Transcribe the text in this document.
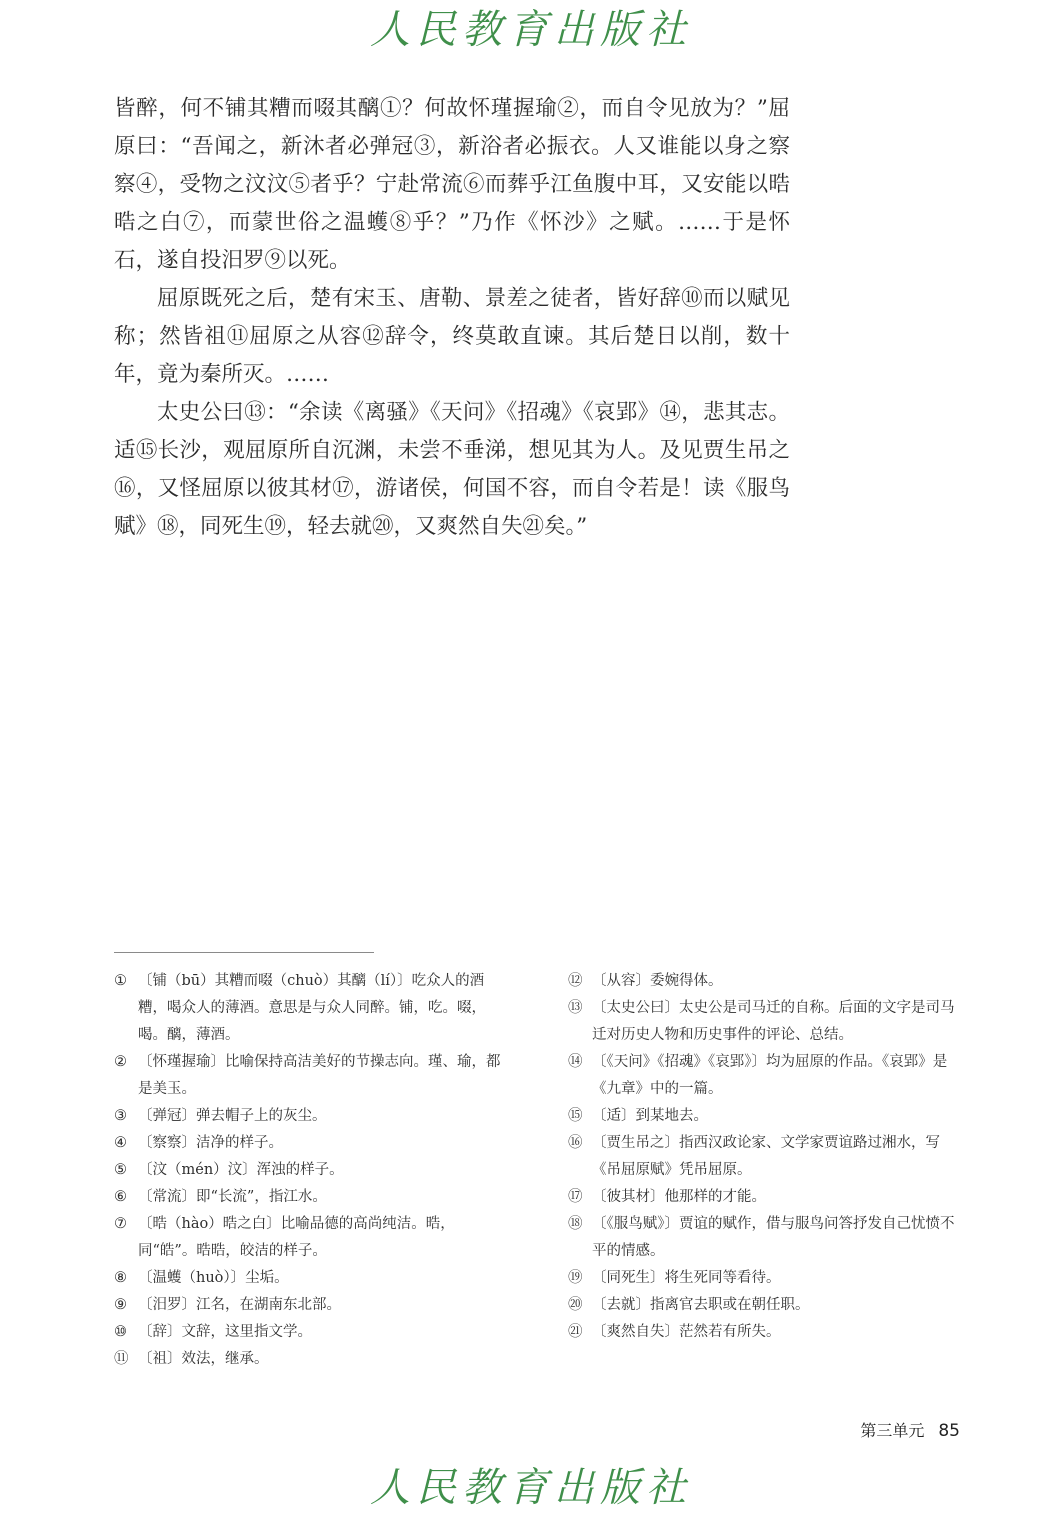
人民教育出版社

皆醉，何不铺其糟而啜其醨①？何故怀瑾握瑜②，而自令见放为？”屈原曰：“吾闻之，新沐者必弹冠③，新浴者必振衣。人又谁能以身之察察④，受物之汶汶⑤者乎？宁赴常流⑥而葬乎江鱼腹中耳，又安能以晧晧之白⑦，而蒙世俗之温蠖⑧乎？”乃作《怀沙》之赋。……于是怀石，遂自投汨罗⑨以死。

屈原既死之后，楚有宋玉、唐勒、景差之徒者，皆好辞⑩而以赋见称；然皆祖⑪屈原之从容⑫辞令，终莫敢直谏。其后楚日以削，数十年，竟为秦所灭。……

太史公曰⑬：“余读《离骚》《天问》《招魂》《哀郢》⑭，悲其志。适⑮长沙，观屈原所自沉渊，未尝不垂涕，想见其为人。及见贾生吊之⑯，又怪屈原以彼其材⑰，游诸侯，何国不容，而自令若是！读《服鸟赋》⑱，同死生⑲，轻去就⑳，又爽然自失㉑矣。”

① 〔铺（bū）其糟而啜（chuò）其醨（lí）〕吃众人的酒糟，喝众人的薄酒。意思是与众人同醉。铺，吃。啜，喝。醨，薄酒。
② 〔怀瑾握瑜〕比喻保持高洁美好的节操志向。瑾、瑜，都是美玉。
③ 〔弹冠〕弹去帽子上的灰尘。
④ 〔察察〕洁净的样子。
⑤ 〔汶（mén）汶〕浑浊的样子。
⑥ 〔常流〕即“长流”，指江水。
⑦ 〔晧（hào）晧之白〕比喻品德的高尚纯洁。晧，同“皓”。晧晧，皎洁的样子。
⑧ 〔温蠖（huò）〕尘垢。
⑨ 〔汨罗〕江名，在湖南东北部。
⑩ 〔辞〕文辞，这里指文学。
⑪ 〔祖〕效法，继承。
⑫ 〔从容〕委婉得体。
⑬ 〔太史公曰〕太史公是司马迁的自称。后面的文字是司马迁对历史人物和历史事件的评论、总结。
⑭ 〔《天问》《招魂》《哀郢》〕均为屈原的作品。《哀郢》是《九章》中的一篇。
⑮ 〔适〕到某地去。
⑯ 〔贾生吊之〕指西汉政论家、文学家贾谊路过湘水，写《吊屈原赋》凭吊屈原。
⑰ 〔彼其材〕他那样的才能。
⑱ 〔《服鸟赋》〕贾谊的赋作，借与服鸟问答抒发自己忧愤不平的情感。
⑲ 〔同死生〕将生死同等看待。
⑳ 〔去就〕指离官去职或在朝任职。
㉑ 〔爽然自失〕茫然若有所失。
第三单元 85
人民教育出版社
